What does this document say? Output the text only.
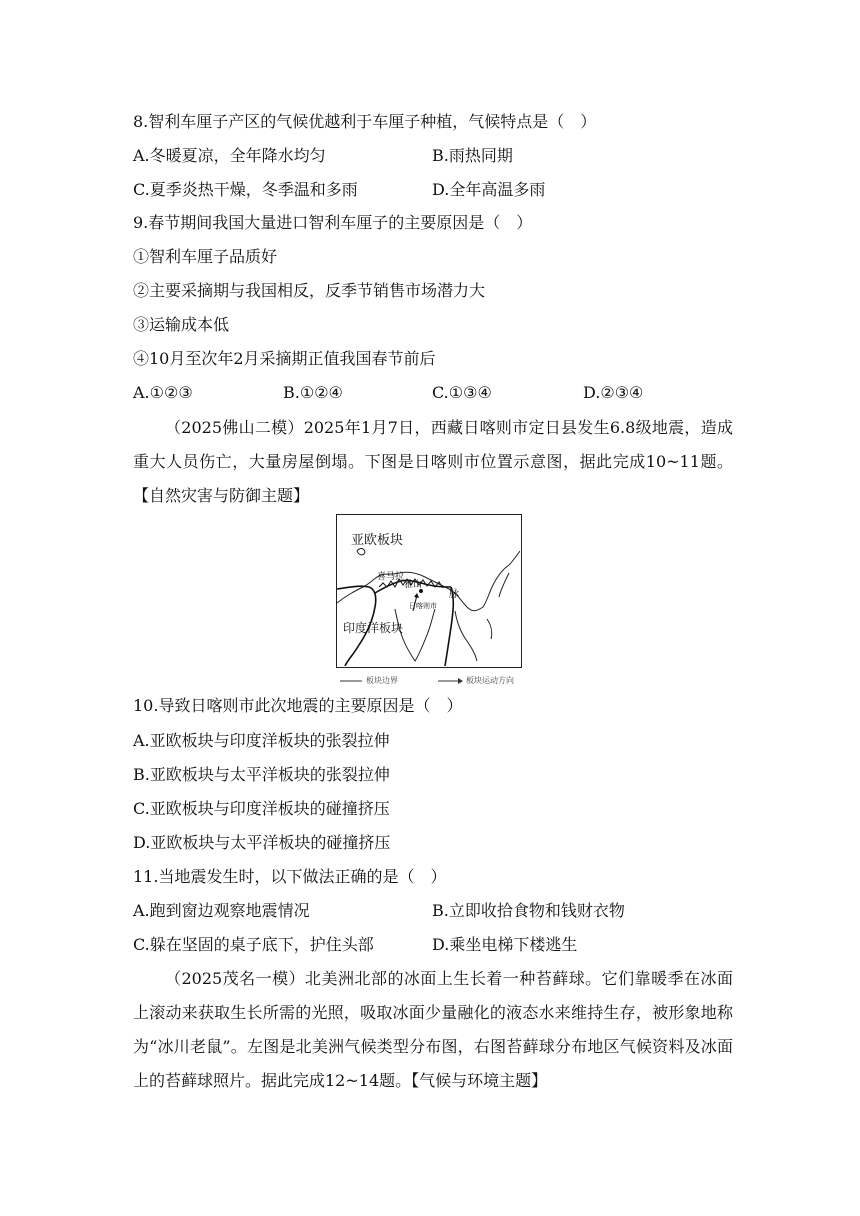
8.智利车厘子产区的气候优越利于车厘子种植，气候特点是（　）
A.冬暖夏凉，全年降水均匀	B.雨热同期
C.夏季炎热干燥，冬季温和多雨	D.全年高温多雨
9.春节期间我国大量进口智利车厘子的主要原因是（　）
①智利车厘子品质好
②主要采摘期与我国相反，反季节销售市场潜力大
③运输成本低
④10月至次年2月采摘期正值我国春节前后
A.①②③	B.①②④	C.①③④	D.②③④
（2025佛山二模）2025年1月7日，西藏日喀则市定日县发生6.8级地震，造成重大人员伤亡，大量房屋倒塌。下图是日喀则市位置示意图，据此完成10~11题。【自然灾害与防御主题】
亚欧板块
喜马拉
雅山
脉
日喀则市
印度洋板块
板块边界	板块运动方向
10.导致日喀则市此次地震的主要原因是（　）
A.亚欧板块与印度洋板块的张裂拉伸
B.亚欧板块与太平洋板块的张裂拉伸
C.亚欧板块与印度洋板块的碰撞挤压
D.亚欧板块与太平洋板块的碰撞挤压
11.当地震发生时，以下做法正确的是（　）
A.跑到窗边观察地震情况	B.立即收拾食物和钱财衣物
C.躲在坚固的桌子底下，护住头部	D.乘坐电梯下楼逃生
（2025茂名一模）北美洲北部的冰面上生长着一种苔藓球。它们靠暖季在冰面上滚动来获取生长所需的光照，吸取冰面少量融化的液态水来维持生存，被形象地称为“冰川老鼠”。左图是北美洲气候类型分布图，右图苔藓球分布地区气候资料及冰面上的苔藓球照片。据此完成12~14题。【气候与环境主题】
